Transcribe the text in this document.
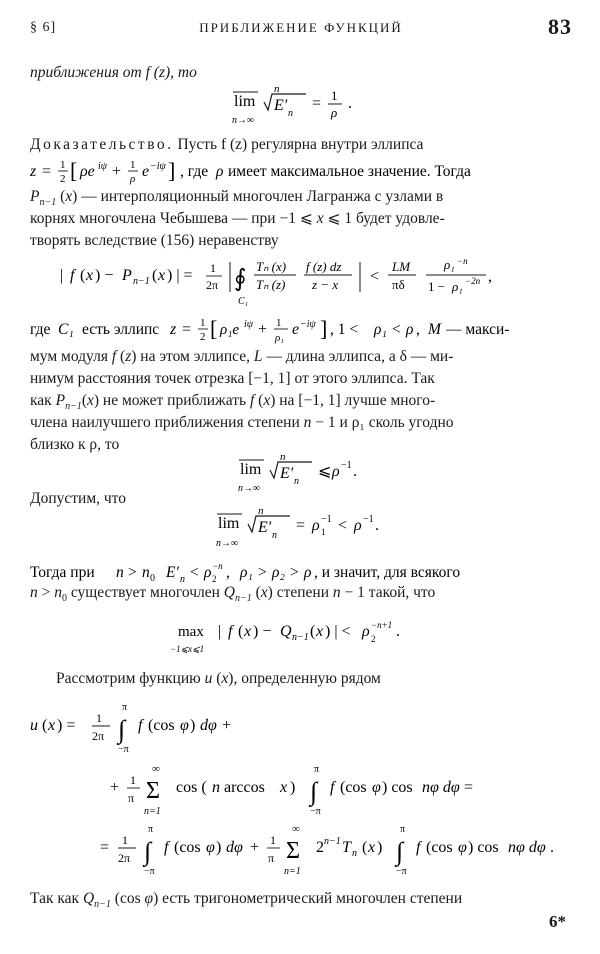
§ 6]	ПРИБЛИЖЕНИЕ ФУНКЦИЙ	83
приближения от f (z), то
lim
n→∞
n
E′ n
= 1
ρ
.
Доказательство. Пусть f (z) регулярна внутри эллипса
z = 1
2 [ ρe iψ + 1
ρ e −iψ ] , где ρ имеет максимальное значение. Тогда
$P_{n-1}$ (x) — интерполяционный многочлен Лагранжа с узлами в
корнях многочлена Чебышева — при −1 ⩽ x ⩽ 1 будет удовле-
творять вследствие (156) неравенству
| f ( x ) − P n−1 ( x ) | = 1
2π ∮
C₁
Tₙ (x)
Tₙ (z)
f (z) dz
z − x <
LM
πδ
ρ₁ −n
1 − ρ₁ −2n ,
где C₁ есть эллипс z = 1
2 [ ρ₁e iψ + 1
ρ₁ e −iψ ] , 1 < ρ₁ < ρ , M — макси-
мум модуля f (z) на этом эллипсе, L — длина эллипса, а δ — ми-
нимум расстояния точек отрезка [−1, 1] от этого эллипса. Так
как $P_{n-1}(x)$ не может приближать f (x) на [−1, 1] лучше много-
члена наилучшего приближения степени n − 1 и ρ₁ сколь угодно
близко к ρ, то
lim
n→∞
n
E′ n
⩽ ρ −1 .
Допустим, что
lim
n→∞
n
E′ n
= ρ 1
−1 < ρ −1 .
Тогда при n > n 0 E′ n < ρ 2
−n , ρ₁ > ρ₂ > ρ , и значит, для всякого
$n > n_0$ существует многочлен $Q_{n-1}$ (x) степени n − 1 такой, что
max
−1⩽x⩽1
| f ( x ) − Q n−1 ( x ) | < ρ 2
−n+1 .
Рассмотрим функцию u (x), определенную рядом
u ( x ) = 1
2π
π
∫
−π
f (cos φ ) dφ +
+ 1
π
∞
Σ
n=1
cos ( n arccos x )
π
∫
−π
f (cos φ ) cos nφ dφ =
= 1
2π
π
∫
−π
f (cos φ ) dφ + 1
π
∞
Σ
n=1
2 n−1 T n ( x )
π
∫
−π
f (cos φ ) cos nφ dφ .
Так как $Q_{n-1}$ (cos φ) есть тригонометрический многочлен степени
6*
